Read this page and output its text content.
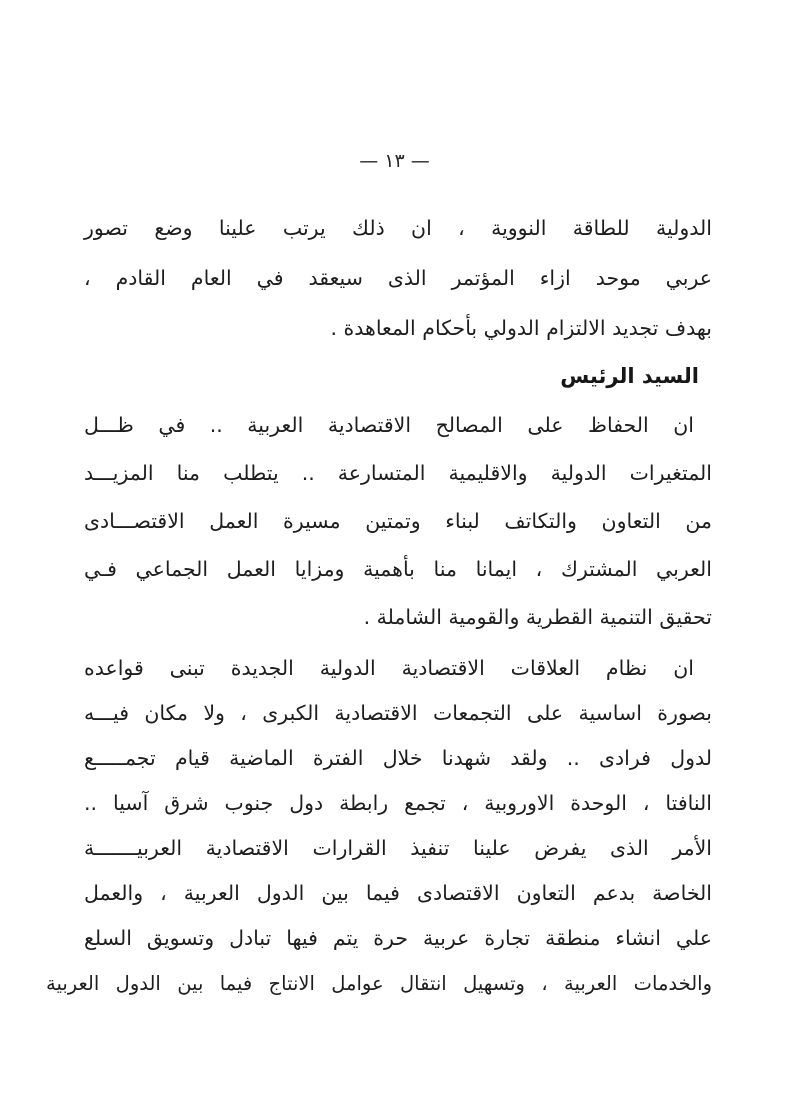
— ١٣ —
الدولية للطاقة النووية ، ان ذلك يرتب علينا وضع تصور
عربي موحد ازاء المؤتمر الذى سيعقد في العام القادم ،
بهدف تجديد الالتزام الدولي بأحكام المعاهدة .
السيد الرئيس
ان الحفاظ على المصالح الاقتصادية العربية .. في ظـــل
المتغيرات الدولية والاقليمية المتسارعة .. يتطلب منا المزيـــد
من التعاون والتكاتف لبناء وتمتين مسيرة العمل الاقتصـــادى
العربي المشترك ، ايمانا منا بأهمية ومزايا العمل الجماعي فـي
تحقيق التنمية القطرية والقومية الشاملة .
ان نظام العلاقات الاقتصادية الدولية الجديدة تبنى قواعده
بصورة اساسية على التجمعات الاقتصادية الكبرى ، ولا مكان فيـــه
لدول فرادى .. ولقد شهدنا خلال الفترة الماضية قيام تجمـــــع
النافتا ، الوحدة الاوروبية ، تجمع رابطة دول جنوب شرق آسيا ..
الأمر الذى يفرض علينا تنفيذ القرارات الاقتصادية العربيـــــــة
الخاصة بدعم التعاون الاقتصادى فيما بين الدول العربية ، والعمل
علي انشاء منطقة تجارة عربية حرة يتم فيها تبادل وتسويق السلع
والخدمات العربية ، وتسهيل انتقال عوامل الانتاج فيما بين الدول العربية
